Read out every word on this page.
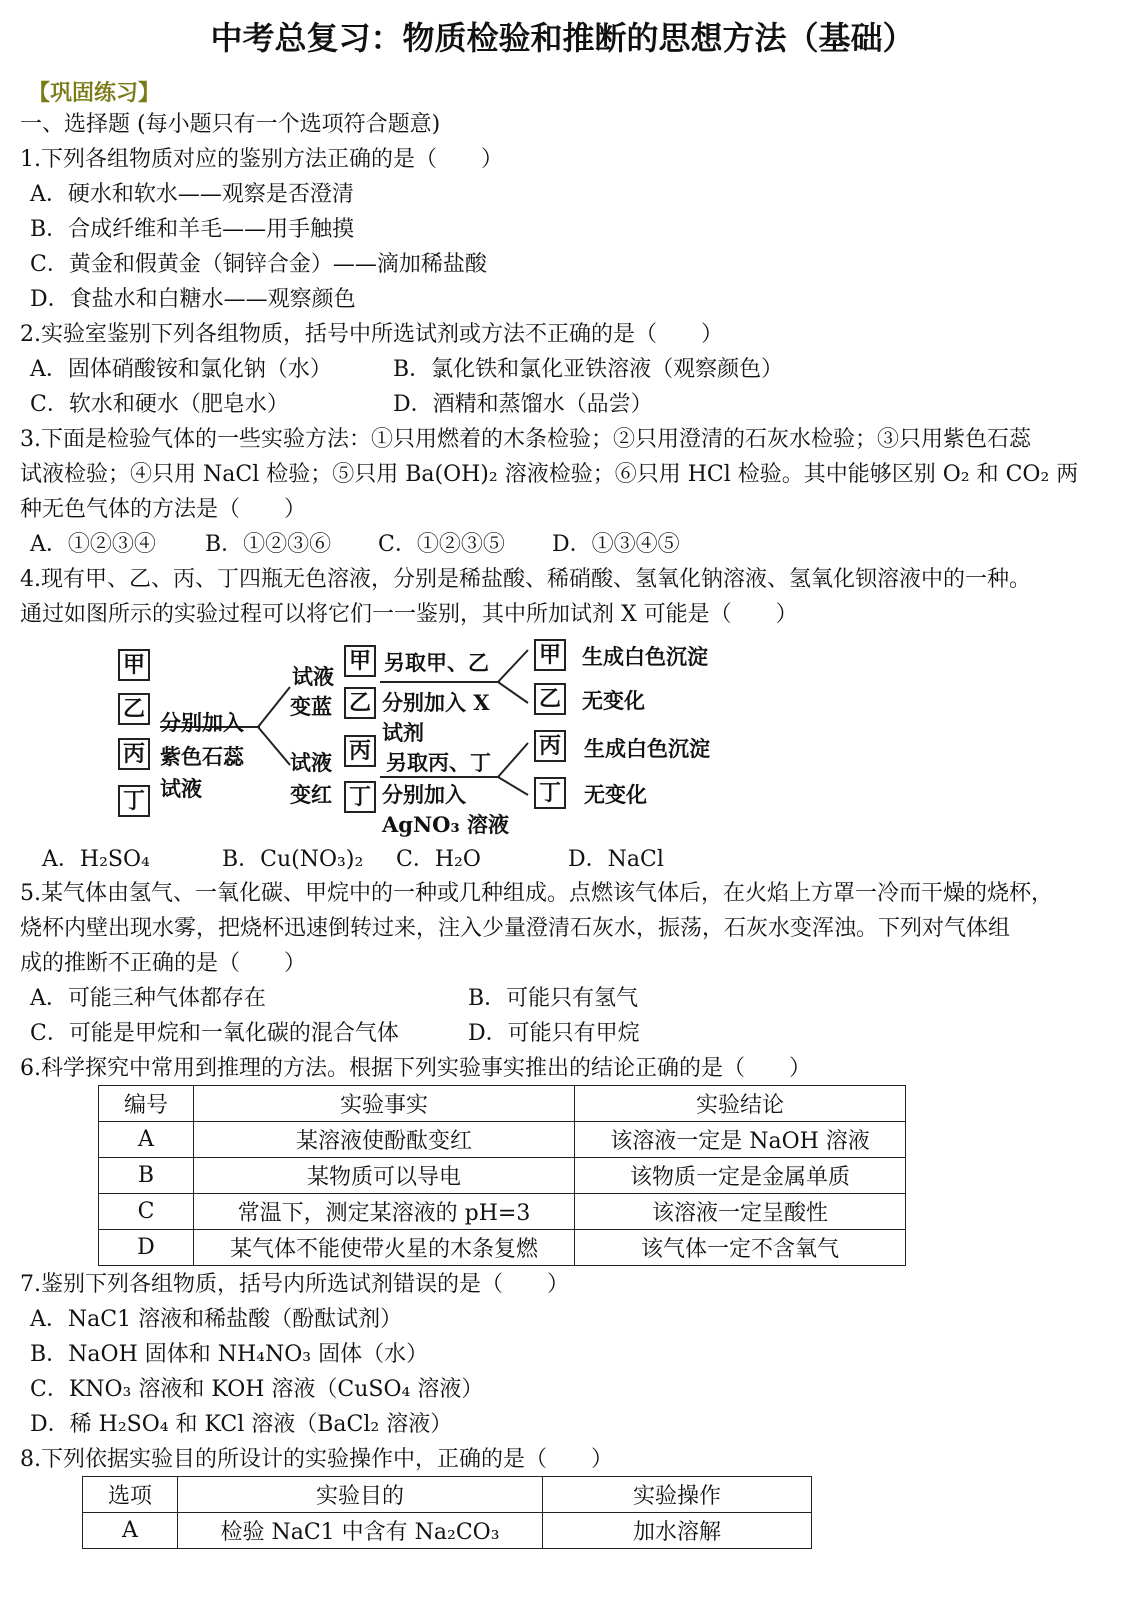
中考总复习：物质检验和推断的思想方法（基础）
【巩固练习】
一、选择题 (每小题只有一个选项符合题意)
1.下列各组物质对应的鉴别方法正确的是（　　）
A．硬水和软水——观察是否澄清
B．合成纤维和羊毛——用手触摸
C．黄金和假黄金（铜锌合金）——滴加稀盐酸
D．食盐水和白糖水——观察颜色
2.实验室鉴别下列各组物质，括号中所选试剂或方法不正确的是（　　）
A．固体硝酸铵和氯化钠（水）	B．氯化铁和氯化亚铁溶液（观察颜色）
C．软水和硬水（肥皂水）	D．酒精和蒸馏水（品尝）
3.下面是检验气体的一些实验方法：①只用燃着的木条检验；②只用澄清的石灰水检验；③只用紫色石蕊
试液检验；④只用 NaCl 检验；⑤只用 Ba(OH)₂ 溶液检验；⑥只用 HCl 检验。其中能够区别 O₂ 和 CO₂ 两
种无色气体的方法是（　　）
A．①②③④ B．①②③⑥ C．①②③⑤ D．①③④⑤
4.现有甲、乙、丙、丁四瓶无色溶液，分别是稀盐酸、稀硝酸、氢氧化钠溶液、氢氧化钡溶液中的一种。
通过如图所示的实验过程可以将它们一一鉴别，其中所加试剂 X 可能是（　　）
甲
乙
丙
丁
分别加入
紫色石蕊
试液
试液
变蓝
试液
变红
甲
乙
丙
丁
另取甲、乙
分别加入 X
试剂
另取丙、丁
分别加入
AgNO₃ 溶液
甲
乙
丙
丁
生成白色沉淀
无变化
生成白色沉淀
无变化
A．H₂SO₄	B．Cu(NO₃)₂ C．H₂O	D．NaCl
5.某气体由氢气、一氧化碳、甲烷中的一种或几种组成。点燃该气体后，在火焰上方罩一冷而干燥的烧杯，
烧杯内壁出现水雾，把烧杯迅速倒转过来，注入少量澄清石灰水，振荡，石灰水变浑浊。下列对气体组
成的推断不正确的是（　　）
A．可能三种气体都存在	B．可能只有氢气
C．可能是甲烷和一氧化碳的混合气体	D．可能只有甲烷
6.科学探究中常用到推理的方法。根据下列实验事实推出的结论正确的是（　　）
编号	实验事实	实验结论
A	某溶液使酚酞变红	该溶液一定是 NaOH 溶液
B	某物质可以导电	该物质一定是金属单质
C	常温下，测定某溶液的 pH=3	该溶液一定呈酸性
D	某气体不能使带火星的木条复燃	该气体一定不含氧气
7.鉴别下列各组物质，括号内所选试剂错误的是（　　）
A．NaC1 溶液和稀盐酸（酚酞试剂）
B．NaOH 固体和 NH₄NO₃ 固体（水）
C．KNO₃ 溶液和 KOH 溶液（CuSO₄ 溶液）
D．稀 H₂SO₄ 和 KCl 溶液（BaCl₂ 溶液）
8.下列依据实验目的所设计的实验操作中，正确的是（　　）
选项	实验目的	实验操作
A	检验 NaC1 中含有 Na₂CO₃	加水溶解
